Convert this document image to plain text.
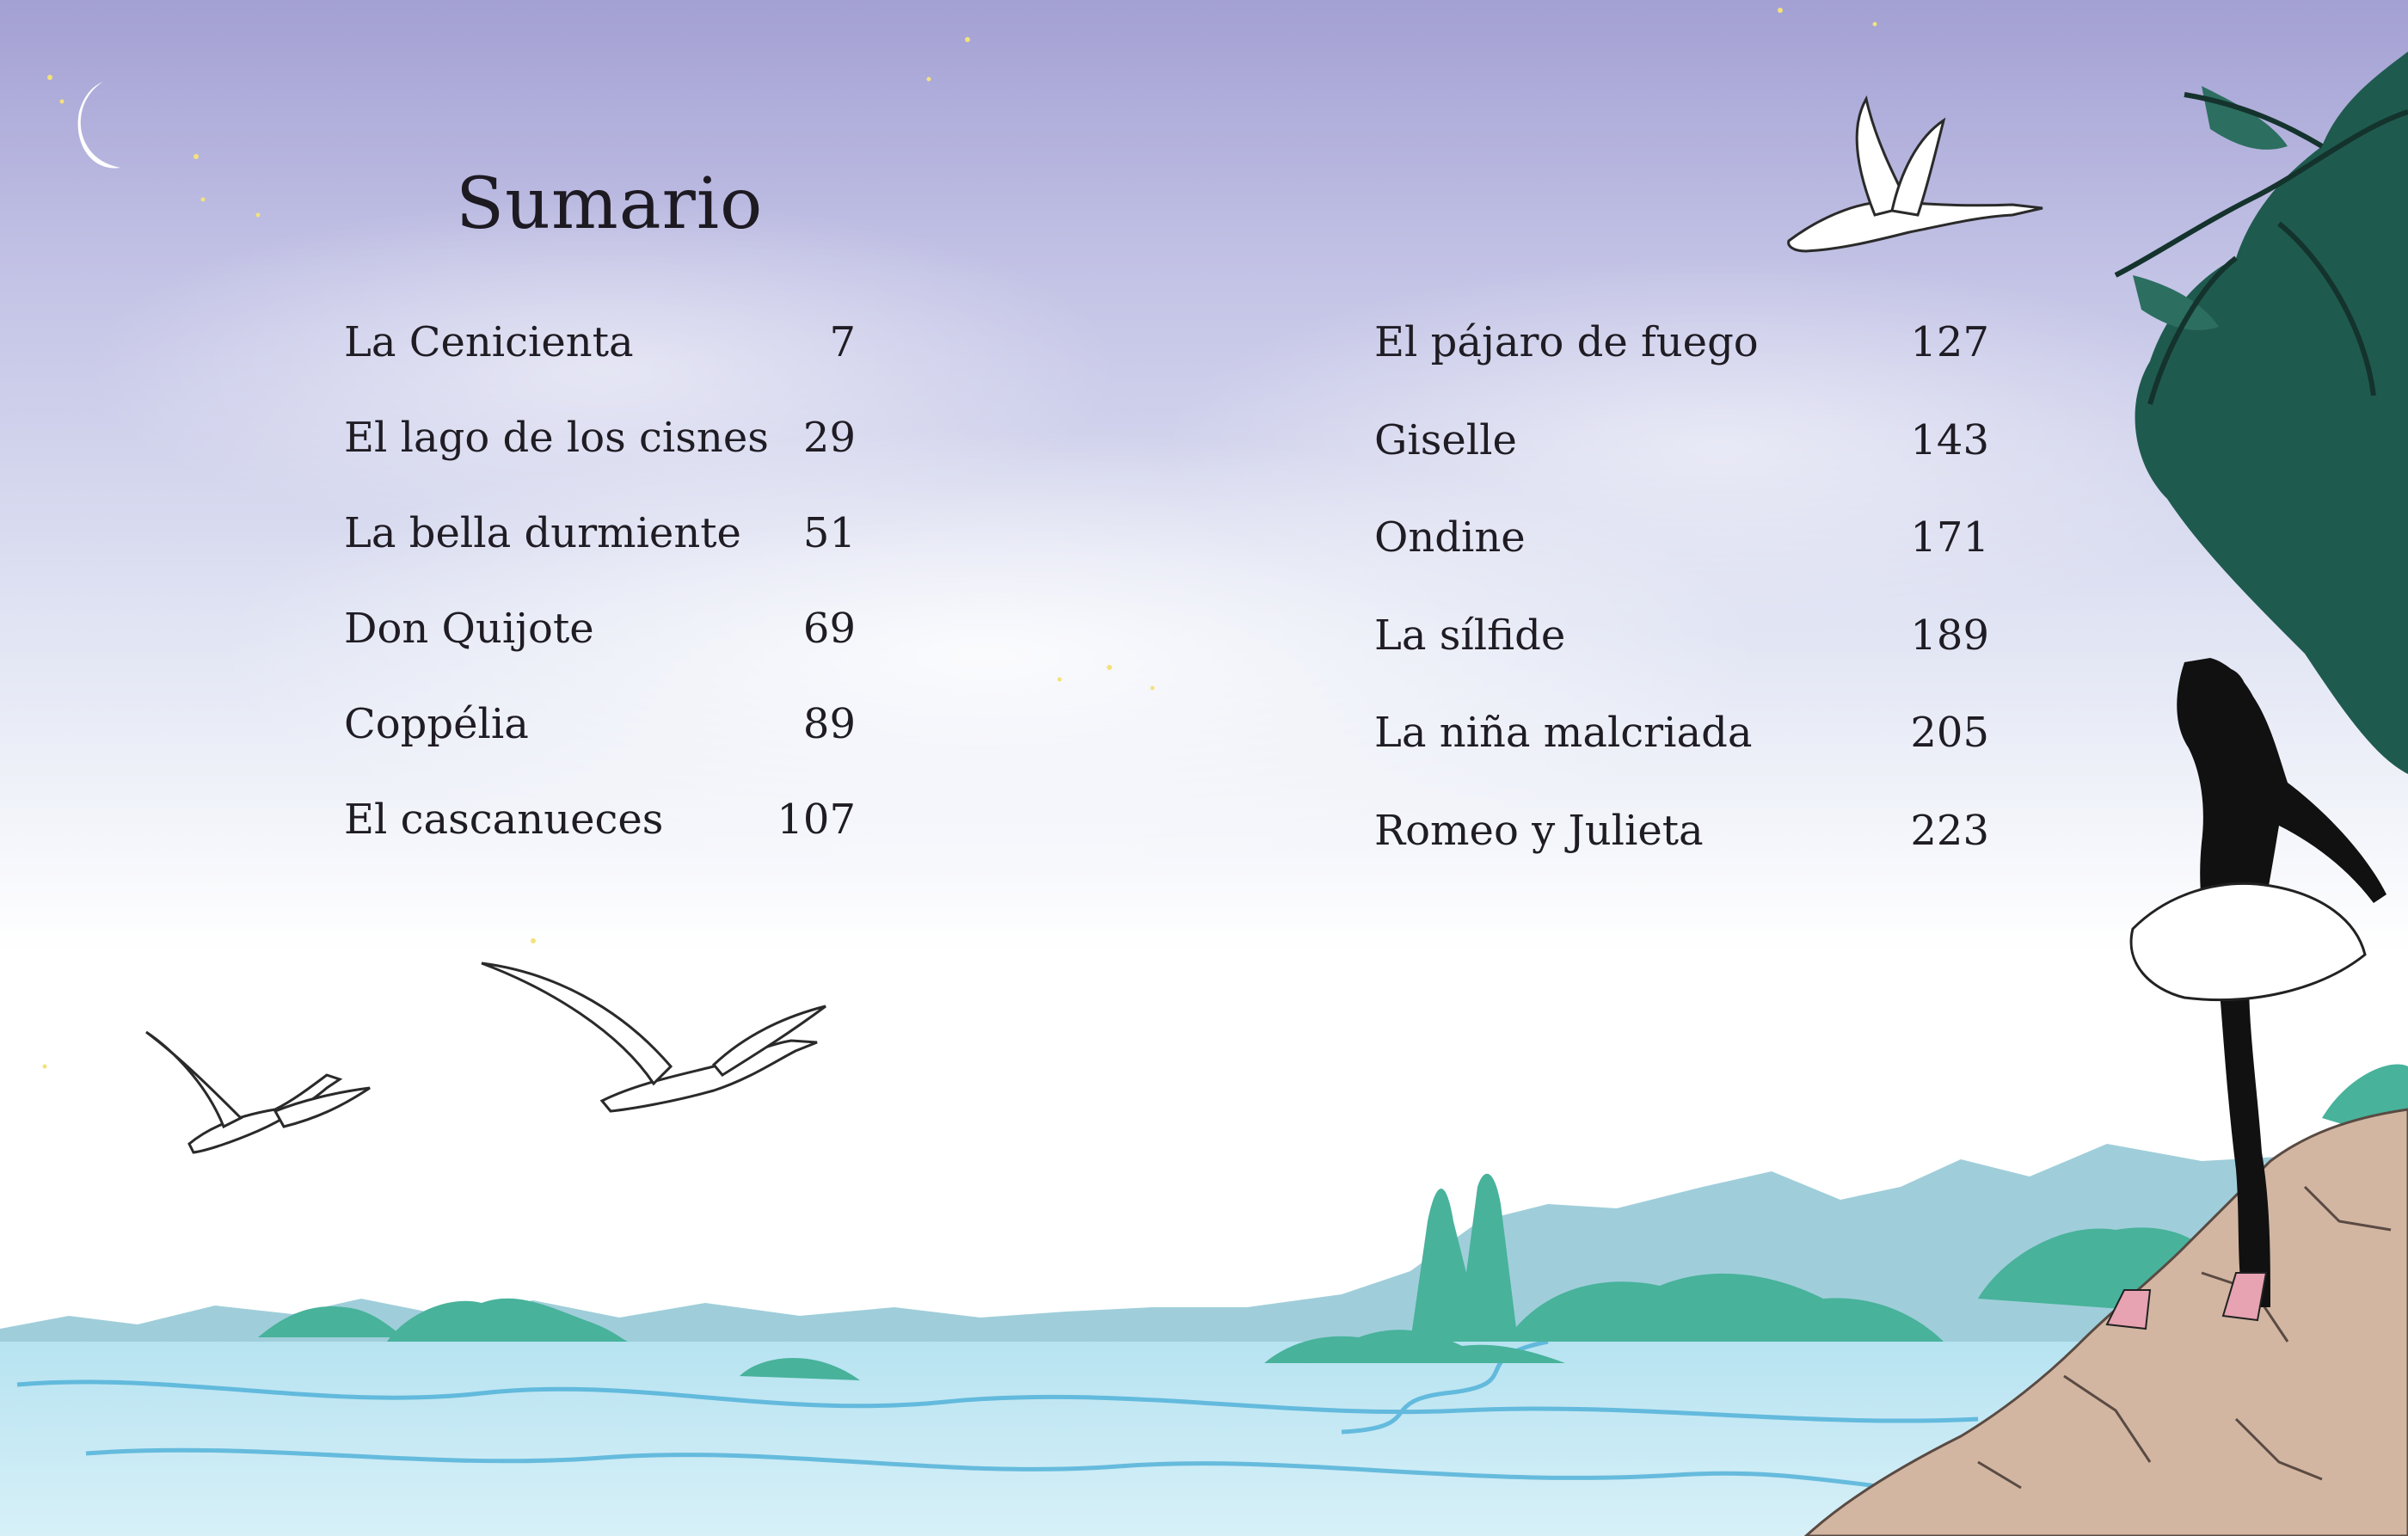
Sumario
La Cenicienta	7
El lago de los cisnes 29
La bella durmiente 51
Don Quijote	69
Coppélia	89
El cascanueces	107
El pájaro de fuego	127
Giselle	143
Ondine	171
La sílfide	189
La niña malcriada	205
Romeo y Julieta	223
